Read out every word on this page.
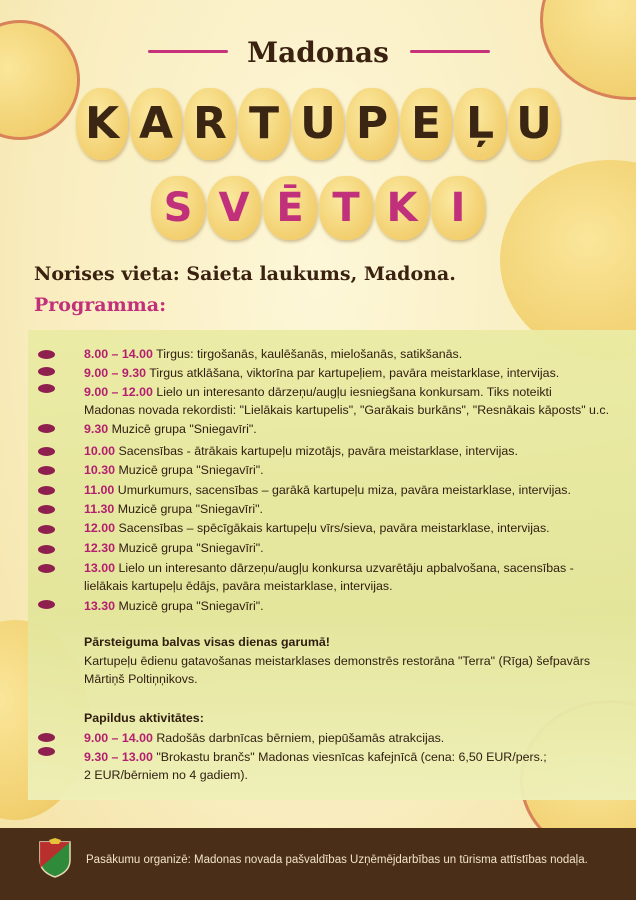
Madonas
K A R T U P E Ļ U
S V Ē T K I

Norises vieta: Saieta laukums, Madona.

Programma:

8.00 – 14.00 Tirgus: tirgošanās, kaulēšanās, mielošanās, satikšanās.

9.00 – 9.30 Tirgus atklāšana, viktorīna par kartupeļiem, pavāra meistarklase, intervijas.

9.00 – 12.00 Lielo un interesanto dārzeņu/augļu iesniegšana konkursam. Tiks noteikti

Madonas novada rekordisti: "Lielākais kartupelis", "Garākais burkāns", "Resnākais kāposts" u.c.

9.30 Muzicē grupa "Sniegavīri".

10.00 Sacensības - ātrākais kartupeļu mizotājs, pavāra meistarklase, intervijas.

10.30 Muzicē grupa "Sniegavīri".

11.00 Umurkumurs, sacensības – garākā kartupeļu miza, pavāra meistarklase, intervijas.

11.30 Muzicē grupa "Sniegavīri".

12.00 Sacensības – spēcīgākais kartupeļu vīrs/sieva, pavāra meistarklase, intervijas.

12.30 Muzicē grupa "Sniegavīri".

13.00 Lielo un interesanto dārzeņu/augļu konkursa uzvarētāju apbalvošana, sacensības -

lielākais kartupeļu ēdājs, pavāra meistarklase, intervijas.

13.30 Muzicē grupa "Sniegavīri".

Pārsteiguma balvas visas dienas garumā!

Kartupeļu ēdienu gatavošanas meistarklases demonstrēs restorāna "Terra" (Rīga) šefpavārs

Mārtiņš Poltiņņikovs.

Papildus aktivitātes:

9.00 – 14.00 Radošās darbnīcas bērniem, piepūšamās atrakcijas.

9.30 – 13.00 "Brokastu brančs" Madonas viesnīcas kafejnīcā (cena: 6,50 EUR/pers.;

2 EUR/bērniem no 4 gadiem).

Pasākumu organizē: Madonas novada pašvaldības Uzņēmējdarbības un tūrisma attīstības nodaļa.
